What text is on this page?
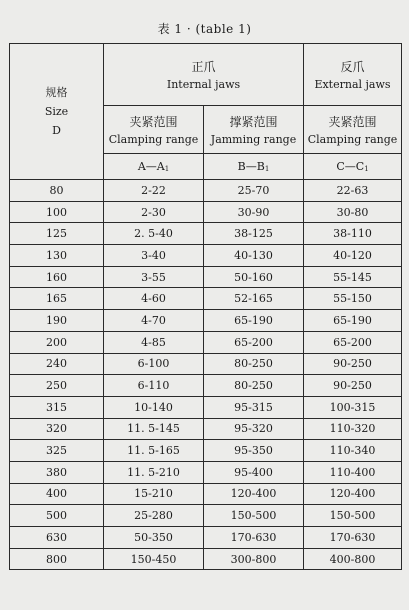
表 1 · (table 1)
规格
Size
D	正爪
Internal jaws		反爪
External jaws

	夹紧范围
Clamping range	撑紧范围
Jamming range	夹紧范围
Clamping range

	$A—A_1$	$B—B_1$	$C—C_1$
80	2-22	25-70	22-63
100	2-30	30-90	30-80
125	2. 5-40	38-125	38-110
130	3-40	40-130	40-120
160	3-55	50-160	55-145
165	4-60	52-165	55-150
190	4-70	65-190	65-190
200	4-85	65-200	65-200
240	6-100	80-250	90-250
250	6-110	80-250	90-250
315	10-140	95-315	100-315
320	11. 5-145	95-320	110-320
325	11. 5-165	95-350	110-340
380	11. 5-210	95-400	110-400
400	15-210	120-400	120-400
500	25-280	150-500	150-500
630	50-350	170-630	170-630
800	150-450	300-800	400-800
